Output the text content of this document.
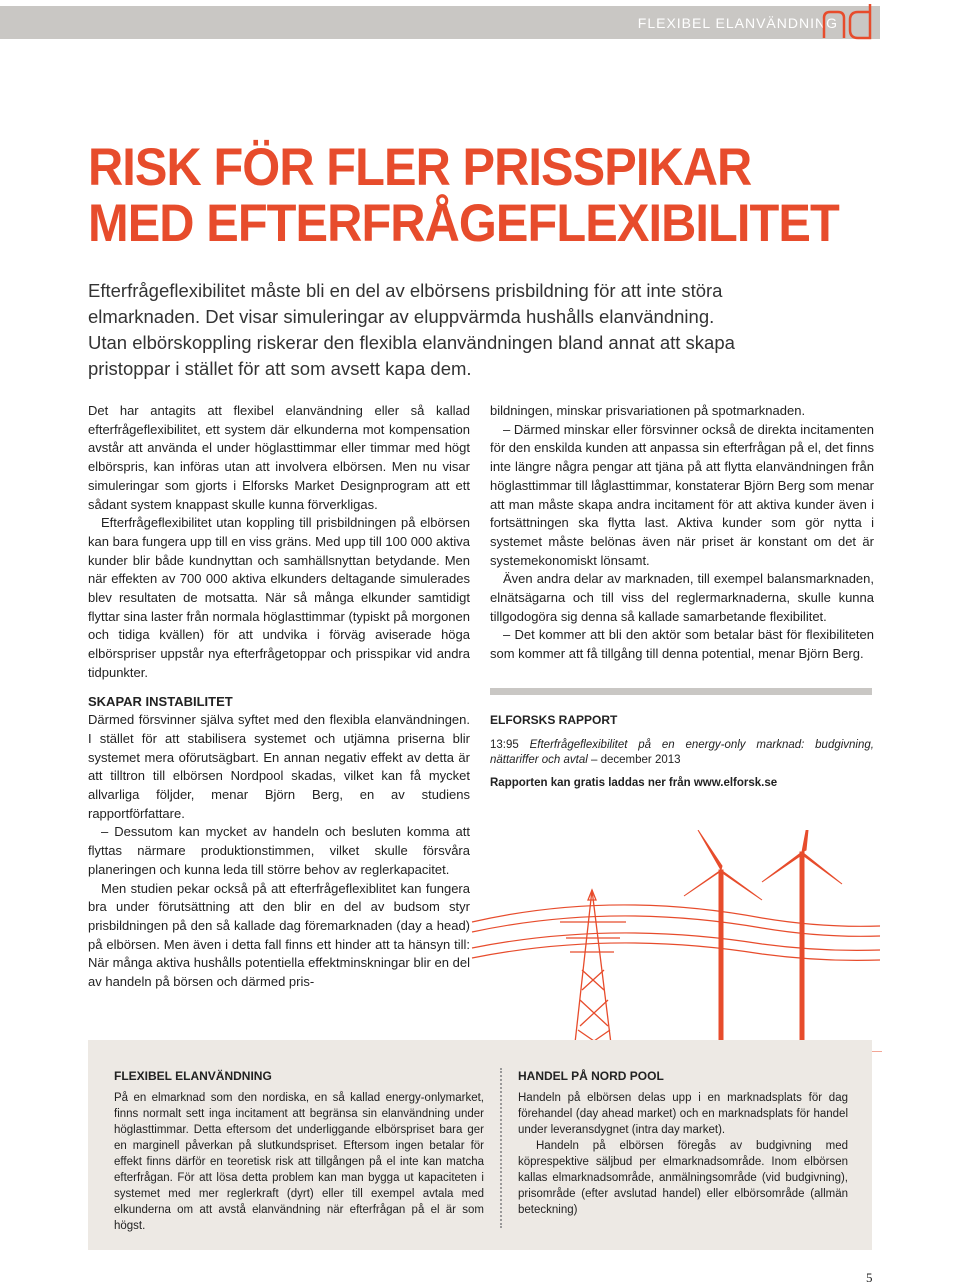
FLEXIBEL ELANVÄNDNING
RISK FÖR FLER PRISSPIKAR
MED EFTERFRÅGEFLEXIBILITET

Efterfrågeflexibilitet måste bli en del av elbörsens prisbildning för att inte störa
elmarknaden. Det visar simuleringar av eluppvärmda hushålls elanvändning.
Utan elbörskoppling riskerar den flexibla elanvändningen bland annat att skapa
pristoppar i stället för att som avsett kapa dem.

Det har antagits att flexibel elanvändning eller så kallad efterfrågeflexibilitet, ett system där elkunderna mot kompensation avstår att använda el under höglasttimmar eller timmar med högt elbörspris, kan införas utan att involvera elbörsen. Men nu visar simuleringar som gjorts i Elforsks Market Designprogram att ett sådant system knappast skulle kunna förverkligas.

Efterfrågeflexibilitet utan koppling till prisbildningen på elbörsen kan bara fungera upp till en viss gräns. Med upp till 100 000 aktiva kunder blir både kundnyttan och samhällsnyttan betydande. Men när effekten av 700 000 aktiva elkunders deltagande simulerades blev resultaten de motsatta. När så många elkunder samtidigt flyttar sina laster från normala höglasttimmar (typiskt på morgonen och tidiga kvällen) för att undvika i förväg aviserade höga elbörspriser uppstår nya efterfrågetoppar och prisspikar vid andra tidpunkter.

SKAPAR INSTABILITET

Därmed försvinner själva syftet med den flexibla elanvändningen. I stället för att stabilisera systemet och utjämna priserna blir systemet mera oförutsägbart. En annan negativ effekt av detta är att tilltron till elbörsen Nordpool skadas, vilket kan få mycket allvarliga följder, menar Björn Berg, en av studiens rapportförfattare.

– Dessutom kan mycket av handeln och besluten komma att flyttas närmare produktionstimmen, vilket skulle försvåra planeringen och kunna leda till större behov av reglerkapacitet.

Men studien pekar också på att efterfrågeflexiblitet kan fungera bra under förutsättning att den blir en del av budsom styr prisbildningen på den så kallade dag föremarknaden (day a head) på elbörsen. Men även i detta fall finns ett hinder att ta hänsyn till: När många aktiva hushålls potentiella effektminskningar blir en del av handeln på börsen och därmed pris-

bildningen, minskar prisvariationen på spotmarknaden.

– Därmed minskar eller försvinner också de direkta incitamenten för den enskilda kunden att anpassa sin efterfrågan på el, det finns inte längre några pengar att tjäna på att flytta elanvändningen från höglasttimmar till låglasttimmar, konstaterar Björn Berg som menar att man måste skapa andra incitament för att aktiva kunder även i fortsättningen ska flytta last. Aktiva kunder som gör nytta i systemet måste belönas även när priset är konstant om det är systemekonomiskt lönsamt.

Även andra delar av marknaden, till exempel balansmarknaden, elnätsägarna och till viss del reglermarknaderna, skulle kunna tillgodogöra sig denna så kallade samarbetande flexibilitet.

– Det kommer att bli den aktör som betalar bäst för flexibiliteten som kommer att få tillgång till denna potential, menar Björn Berg.

ELFORSKS RAPPORT

13:95 Efterfrågeflexibilitet på en energy-only marknad: budgivning, nättariffer och avtal – december 2013

Rapporten kan gratis laddas ner från www.elforsk.se
FLEXIBEL ELANVÄNDNING

På en elmarknad som den nordiska, en så kallad energy-onlymarket, finns normalt sett inga incitament att begränsa sin elanvändning under höglasttimmar. Detta eftersom det underliggande elbörspriset bara ger en marginell påverkan på slutkundspriset. Eftersom ingen betalar för effekt finns därför en teoretisk risk att tillgången på el inte kan matcha efterfrågan. För att lösa detta problem kan man bygga ut kapaciteten i systemet med mer reglerkraft (dyrt) eller till exempel avtala med elkunderna om att avstå elanvändning när efterfrågan på el är som högst.

HANDEL PÅ NORD POOL

Handeln på elbörsen delas upp i en marknadsplats för dag förehandel (day ahead market) och en marknadsplats för handel under leveransdygnet (intra day market).

Handeln på elbörsen föregås av budgivning med köprespektive säljbud per elmarknadsområde. Inom elbörsen kallas elmarknadsområde, anmälningsområde (vid budgivning), prisområde (efter avslutad handel) eller elbörsområde (allmän beteckning)

5
